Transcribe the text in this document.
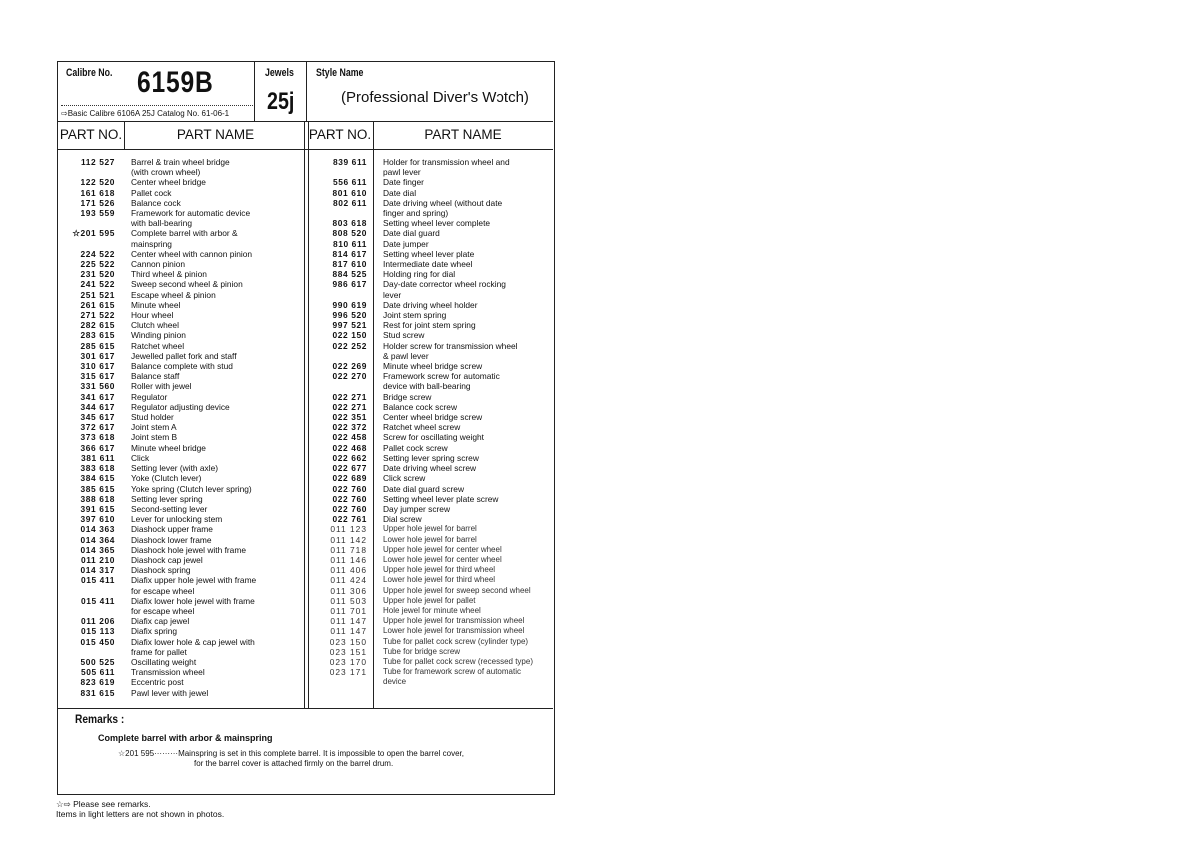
Calibre No. 6159B
⇨Basic Calibre 6106A 25J Catalog No. 61-06-1
Jewels
25j
Style Name
(Professional Diver's Wɔtch)
PART NO.	PART NAME	PART NO.	PART NAME
112 527	Barrel & train wheel bridge
(with crown wheel)
122 520	Center wheel bridge
161 618	Pallet cock
171 526	Balance cock
193 559	Framework for automatic device
with ball-bearing
☆201 595	Complete barrel with arbor &
mainspring
224 522	Center wheel with cannon pinion
225 522	Cannon pinion
231 520	Third wheel & pinion
241 522	Sweep second wheel & pinion
251 521	Escape wheel & pinion
261 615	Minute wheel
271 522	Hour wheel
282 615	Clutch wheel
283 615	Winding pinion
285 615	Ratchet wheel
301 617	Jewelled pallet fork and staff
310 617	Balance complete with stud
315 617	Balance staff
331 560	Roller with jewel
341 617	Regulator
344 617	Regulator adjusting device
345 617	Stud holder
372 617	Joint stem A
373 618	Joint stem B
366 617	Minute wheel bridge
381 611	Click
383 618	Setting lever (with axle)
384 615	Yoke (Clutch lever)
385 615	Yoke spring (Clutch lever spring)
388 618	Setting lever spring
391 615	Second-setting lever
397 610	Lever for unlocking stem
014 363	Diashock upper frame
014 364	Diashock lower frame
014 365	Diashock hole jewel with frame
011 210	Diashock cap jewel
014 317	Diashock spring
015 411	Diafix upper hole jewel with frame
for escape wheel
015 411	Diafix lower hole jewel with frame
for escape wheel
011 206	Diafix cap jewel
015 113	Diafix spring
015 450	Diafix lower hole & cap jewel with
frame for pallet
500 525	Oscillating weight
505 611	Transmission wheel
823 619	Eccentric post
831 615	Pawl lever with jewel
839 611	Holder for transmission wheel and
pawl lever
556 611	Date finger
801 610	Date dial
802 611	Date driving wheel (without date
finger and spring)
803 618	Setting wheel lever complete
808 520	Date dial guard
810 611	Date jumper
814 617	Setting wheel lever plate
817 610	Intermediate date wheel
884 525	Holding ring for dial
986 617	Day-date corrector wheel rocking
lever
990 619	Date driving wheel holder
996 520	Joint stem spring
997 521	Rest for joint stem spring
022 150	Stud screw
022 252	Holder screw for transmission wheel
& pawl lever
022 269	Minute wheel bridge screw
022 270	Framework screw for automatic
device with ball-bearing
022 271	Bridge screw
022 271	Balance cock screw
022 351	Center wheel bridge screw
022 372	Ratchet wheel screw
022 458	Screw for oscillating weight
022 468	Pallet cock screw
022 662	Setting lever spring screw
022 677	Date driving wheel screw
022 689	Click screw
022 760	Date dial guard screw
022 760	Setting wheel lever plate screw
022 760	Day jumper screw
022 761	Dial screw
011 123	Upper hole jewel for barrel
011 142	Lower hole jewel for barrel
011 718	Upper hole jewel for center wheel
011 146	Lower hole jewel for center wheel
011 406	Upper hole jewel for third wheel
011 424	Lower hole jewel for third wheel
011 306	Upper hole jewel for sweep second wheel
011 503	Upper hole jewel for pallet
011 701	Hole jewel for minute wheel
011 147	Upper hole jewel for transmission wheel
011 147	Lower hole jewel for transmission wheel
023 150	Tube for pallet cock screw (cylinder type)
023 151	Tube for bridge screw
023 170	Tube for pallet cock screw (recessed type)
023 171	Tube for framework screw of automatic
device
Remarks :
Complete barrel with arbor & mainspring
☆201 595·········Mainspring is set in this complete barrel. It is impossible to open the barrel cover,
for the barrel cover is attached firmly on the barrel drum.
☆⇨ Please see remarks.
Items in light letters are not shown in photos.
